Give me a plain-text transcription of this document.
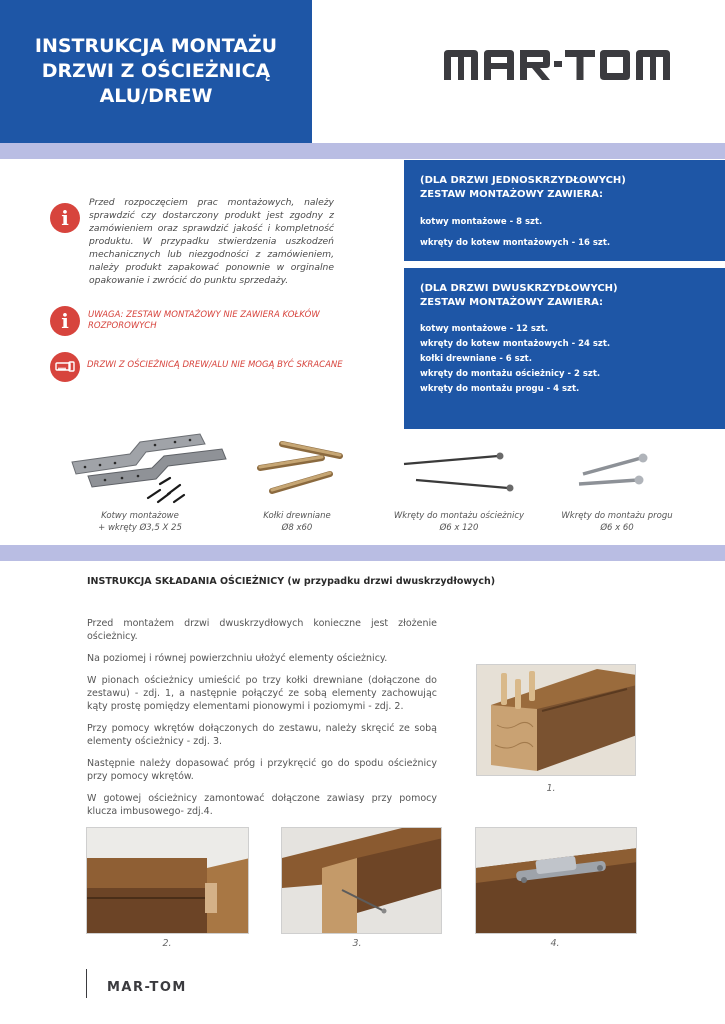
INSTRUKCJA MONTAŻU
DRZWI Z OŚCIEŻNICĄ
ALU/DREW
(DLA DRZWI JEDNOSKRZYDŁOWYCH)
ZESTAW MONTAŻOWY ZAWIERA:
kotwy montażowe - 8 szt.
wkręty do kotew montażowych - 16 szt.
(DLA DRZWI DWUSKRZYDŁOWYCH)
ZESTAW MONTAŻOWY ZAWIERA:
kotwy montażowe - 12 szt.
wkręty do kotew montażowych - 24 szt.
kołki drewniane - 6 szt.
wkręty do montażu ościeżnicy - 2 szt.
wkręty do montażu progu - 4 szt.
i
Przed rozpoczęciem prac montażowych, należy sprawdzić czy dostarczony produkt jest zgodny z zamówieniem oraz sprawdzić jakość i kompletność produktu. W przypadku stwierdzenia uszkodzeń mechanicznych lub niezgodności z zamówieniem, należy produkt zapakować ponownie w orginalne opakowanie i zwrócić do punktu sprzedaży.
i	UWAGA: ZESTAW MONTAŻOWY NIE ZAWIERA KOŁKÓW ROZPOROWYCH
DRZWI Z OŚCIEŻNICĄ DREW/ALU NIE MOGĄ BYĆ SKRACANE
Kotwy montażowe
+ wkręty Ø3,5 X 25
Kołki drewniane
Ø8 x60
Wkręty do montażu ościeżnicy
Ø6 x 120
Wkręty do montażu progu
Ø6 x 60
INSTRUKCJA SKŁADANIA OŚCIEŻNICY (w przypadku drzwi dwuskrzydłowych)

Przed montażem drzwi dwuskrzydłowych konieczne jest złożenie ościeżnicy.

Na poziomej i równej powierzchniu ułożyć elementy ościeżnicy.

W pionach ościeżnicy umieścić po trzy kołki drewniane (dołączone do zestawu) - zdj. 1, a następnie połączyć ze sobą elementy zachowując kąty prostę pomiędzy elementami pionowymi i poziomymi - zdj. 2.

Przy pomocy wkrętów dołączonych do zestawu, należy skręcić ze sobą elementy ościeżnicy - zdj. 3.

Następnie należy dopasować próg i przykręcić go do spodu ościeżnicy przy pomocy wkrętów.

W gotowej ościeżnicy zamontować dołączone zawiasy przy pomocy klucza imbusowego- zdj.4.

1.
2.	3.	4.
MAR-TOM
